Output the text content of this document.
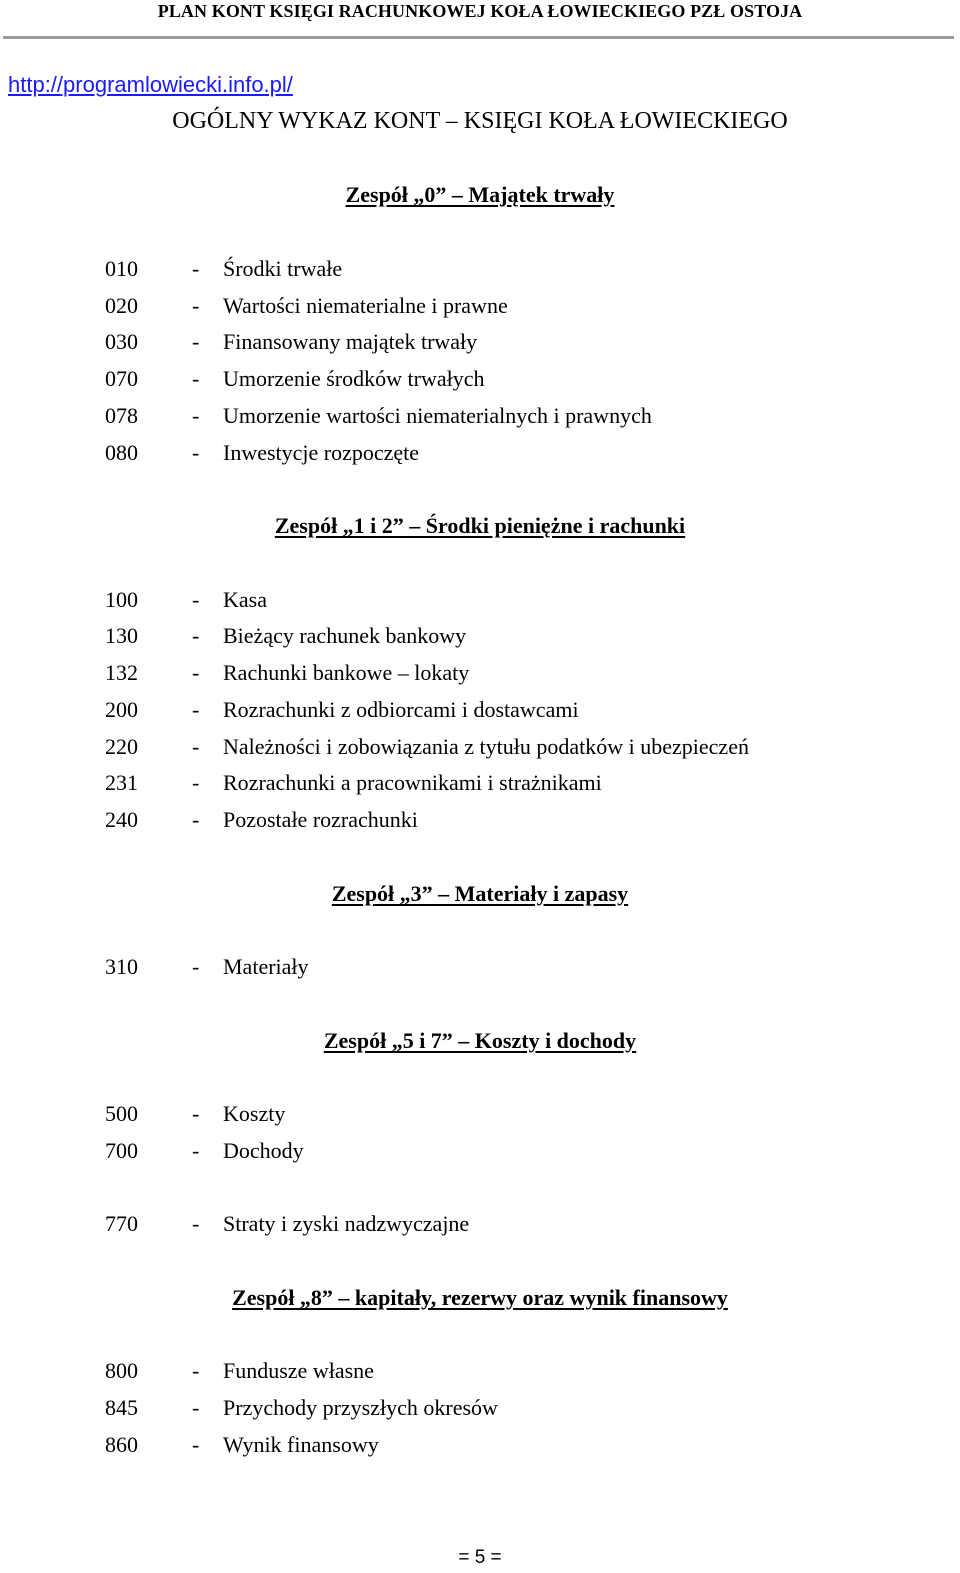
PLAN KONT KSIĘGI RACHUNKOWEJ KOŁA ŁOWIECKIEGO PZŁ OSTOJA
http://programlowiecki.info.pl/
OGÓLNY WYKAZ KONT – KSIĘGI KOŁA ŁOWIECKIEGO
Zespół „0” – Majątek trwały
010 - Środki trwałe
020 - Wartości niematerialne i prawne
030 - Finansowany majątek trwały
070 - Umorzenie środków trwałych
078 - Umorzenie wartości niematerialnych i prawnych
080 - Inwestycje rozpoczęte
Zespół „1 i 2” – Środki pieniężne i rachunki
100 - Kasa
130 - Bieżący rachunek bankowy
132 - Rachunki bankowe – lokaty
200 - Rozrachunki z odbiorcami i dostawcami
220 - Należności i zobowiązania z tytułu podatków i ubezpieczeń
231 - Rozrachunki a pracownikami i strażnikami
240 - Pozostałe rozrachunki
Zespół „3” – Materiały i zapasy
310 - Materiały
Zespół „5 i 7” – Koszty i dochody
500 - Koszty
700 - Dochody
770 - Straty i zyski nadzwyczajne
Zespół „8” – kapitały, rezerwy oraz wynik finansowy
800 - Fundusze własne
845 - Przychody przyszłych okresów
860 - Wynik finansowy
= 5 =
